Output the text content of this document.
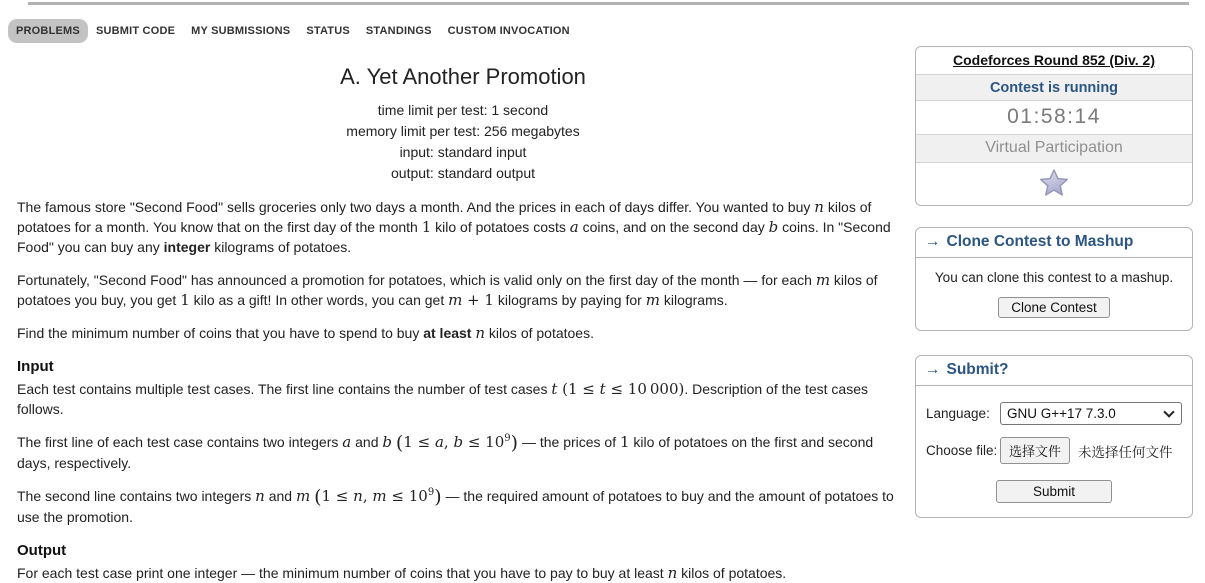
PROBLEMS	SUBMIT CODE	MY SUBMISSIONS	STATUS	STANDINGS	CUSTOM INVOCATION
A. Yet Another Promotion
time limit per test: 1 second
memory limit per test: 256 megabytes
input: standard input
output: standard output

The famous store "Second Food" sells groceries only two days a month. And the prices in each of days differ. You wanted to buy n kilos of potatoes for a month. You know that on the first day of the month 1 kilo of potatoes costs a coins, and on the second day b coins. In "Second Food" you can buy any integer kilograms of potatoes.

Fortunately, "Second Food" has announced a promotion for potatoes, which is valid only on the first day of the month — for each m kilos of potatoes you buy, you get 1 kilo as a gift! In other words, you can get m + 1 kilograms by paying for m kilograms.

Find the minimum number of coins that you have to spend to buy at least n kilos of potatoes.

Input

Each test contains multiple test cases. The first line contains the number of test cases t (1 ≤ t ≤ 10 000). Description of the test cases follows.

The first line of each test case contains two integers a and b (1 ≤ a, $b \le 10^9$) — the prices of 1 kilo of potatoes on the first and second days, respectively.

The second line contains two integers n and m (1 ≤ n, $m \le 10^9$) — the required amount of potatoes to buy and the amount of potatoes to use the promotion.

Output

For each test case print one integer — the minimum number of coins that you have to pay to buy at least n kilos of potatoes.

Codeforces Round 852 (Div. 2)
Contest is running
01:58:14
Virtual Participation
→ Clone Contest to Mashup
You can clone this contest to a mashup.
Clone Contest
→ Submit?
Language:
GNU G++17 7.3.0
Choose file: 选择文件	未选择任何文件
Submit
